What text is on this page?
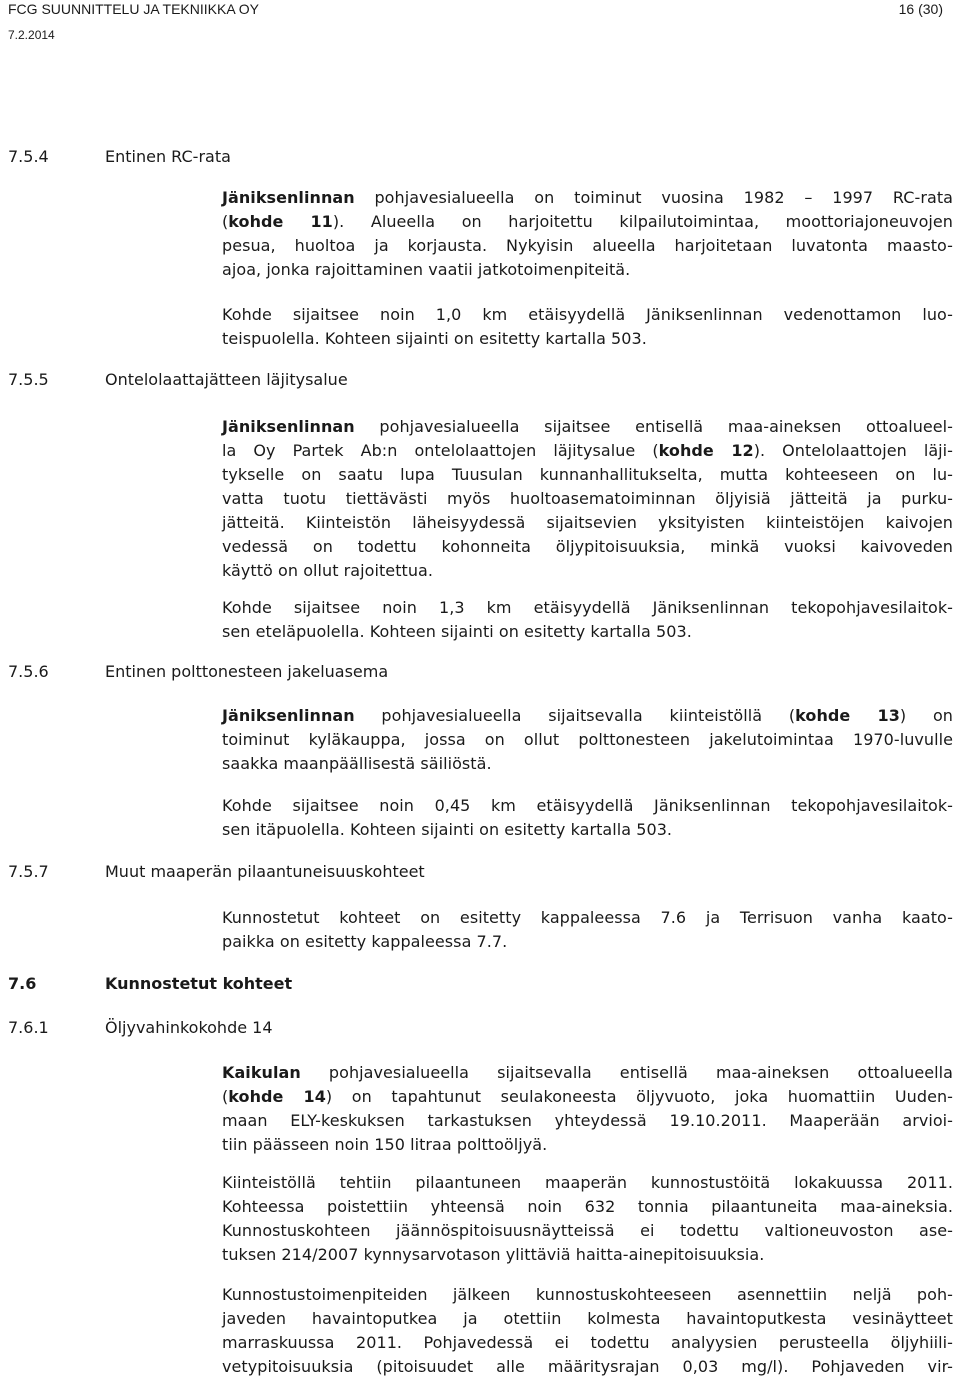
FCG SUUNNITTELU JA TEKNIIKKA OY
7.2.2014
16 (30)
7.5.4	Entinen RC-rata
7.5.5	Ontelolaattajätteen läjitysalue
7.5.6	Entinen polttonesteen jakeluasema
7.5.7	Muut maaperän pilaantuneisuuskohteet
7.6	Kunnostetut kohteet
7.6.1	Öljyvahinkokohde 14
Jäniksenlinnan pohjavesialueella on toiminut vuosina 1982 – 1997 RC-rata
(kohde 11). Alueella on harjoitettu kilpailutoimintaa, moottoriajoneuvojen
pesua, huoltoa ja korjausta. Nykyisin alueella harjoitetaan luvatonta maasto-
ajoa, jonka rajoittaminen vaatii jatkotoimenpiteitä.
Kohde sijaitsee noin 1,0 km etäisyydellä Jäniksenlinnan vedenottamon luo-
teispuolella. Kohteen sijainti on esitetty kartalla 503.
Jäniksenlinnan pohjavesialueella sijaitsee entisellä maa-aineksen ottoalueel-
la Oy Partek Ab:n ontelolaattojen läjitysalue (kohde 12). Ontelolaattojen läji-
tykselle on saatu lupa Tuusulan kunnanhallitukselta, mutta kohteeseen on lu-
vatta tuotu tiettävästi myös huoltoasematoiminnan öljyisiä jätteitä ja purku-
jätteitä. Kiinteistön läheisyydessä sijaitsevien yksityisten kiinteistöjen kaivojen
vedessä on todettu kohonneita öljypitoisuuksia, minkä vuoksi kaivoveden
käyttö on ollut rajoitettua.
Kohde sijaitsee noin 1,3 km etäisyydellä Jäniksenlinnan tekopohjavesilaitok-
sen eteläpuolella. Kohteen sijainti on esitetty kartalla 503.
Jäniksenlinnan pohjavesialueella sijaitsevalla kiinteistöllä (kohde 13) on
toiminut kyläkauppa, jossa on ollut polttonesteen jakelutoimintaa 1970-luvulle
saakka maanpäällisestä säiliöstä.
Kohde sijaitsee noin 0,45 km etäisyydellä Jäniksenlinnan tekopohjavesilaitok-
sen itäpuolella. Kohteen sijainti on esitetty kartalla 503.
Kunnostetut kohteet on esitetty kappaleessa 7.6 ja Terrisuon vanha kaato-
paikka on esitetty kappaleessa 7.7.
Kaikulan pohjavesialueella sijaitsevalla entisellä maa-aineksen ottoalueella
(kohde 14) on tapahtunut seulakoneesta öljyvuoto, joka huomattiin Uuden-
maan ELY-keskuksen tarkastuksen yhteydessä 19.10.2011. Maaperään arvioi-
tiin päässeen noin 150 litraa polttoöljyä.
Kiinteistöllä tehtiin pilaantuneen maaperän kunnostustöitä lokakuussa 2011.
Kohteessa poistettiin yhteensä noin 632 tonnia pilaantuneita maa-aineksia.
Kunnostuskohteen jäännöspitoisuusnäytteissä ei todettu valtioneuvoston ase-
tuksen 214/2007 kynnysarvotason ylittäviä haitta-ainepitoisuuksia.
Kunnostustoimenpiteiden jälkeen kunnostuskohteeseen asennettiin neljä poh-
javeden havaintoputkea ja otettiin kolmesta havaintoputkesta vesinäytteet
marraskuussa 2011. Pohjavedessä ei todettu analyysien perusteella öljyhiili-
vetypitoisuuksia (pitoisuudet alle määritysrajan 0,03 mg/l). Pohjaveden vir-
